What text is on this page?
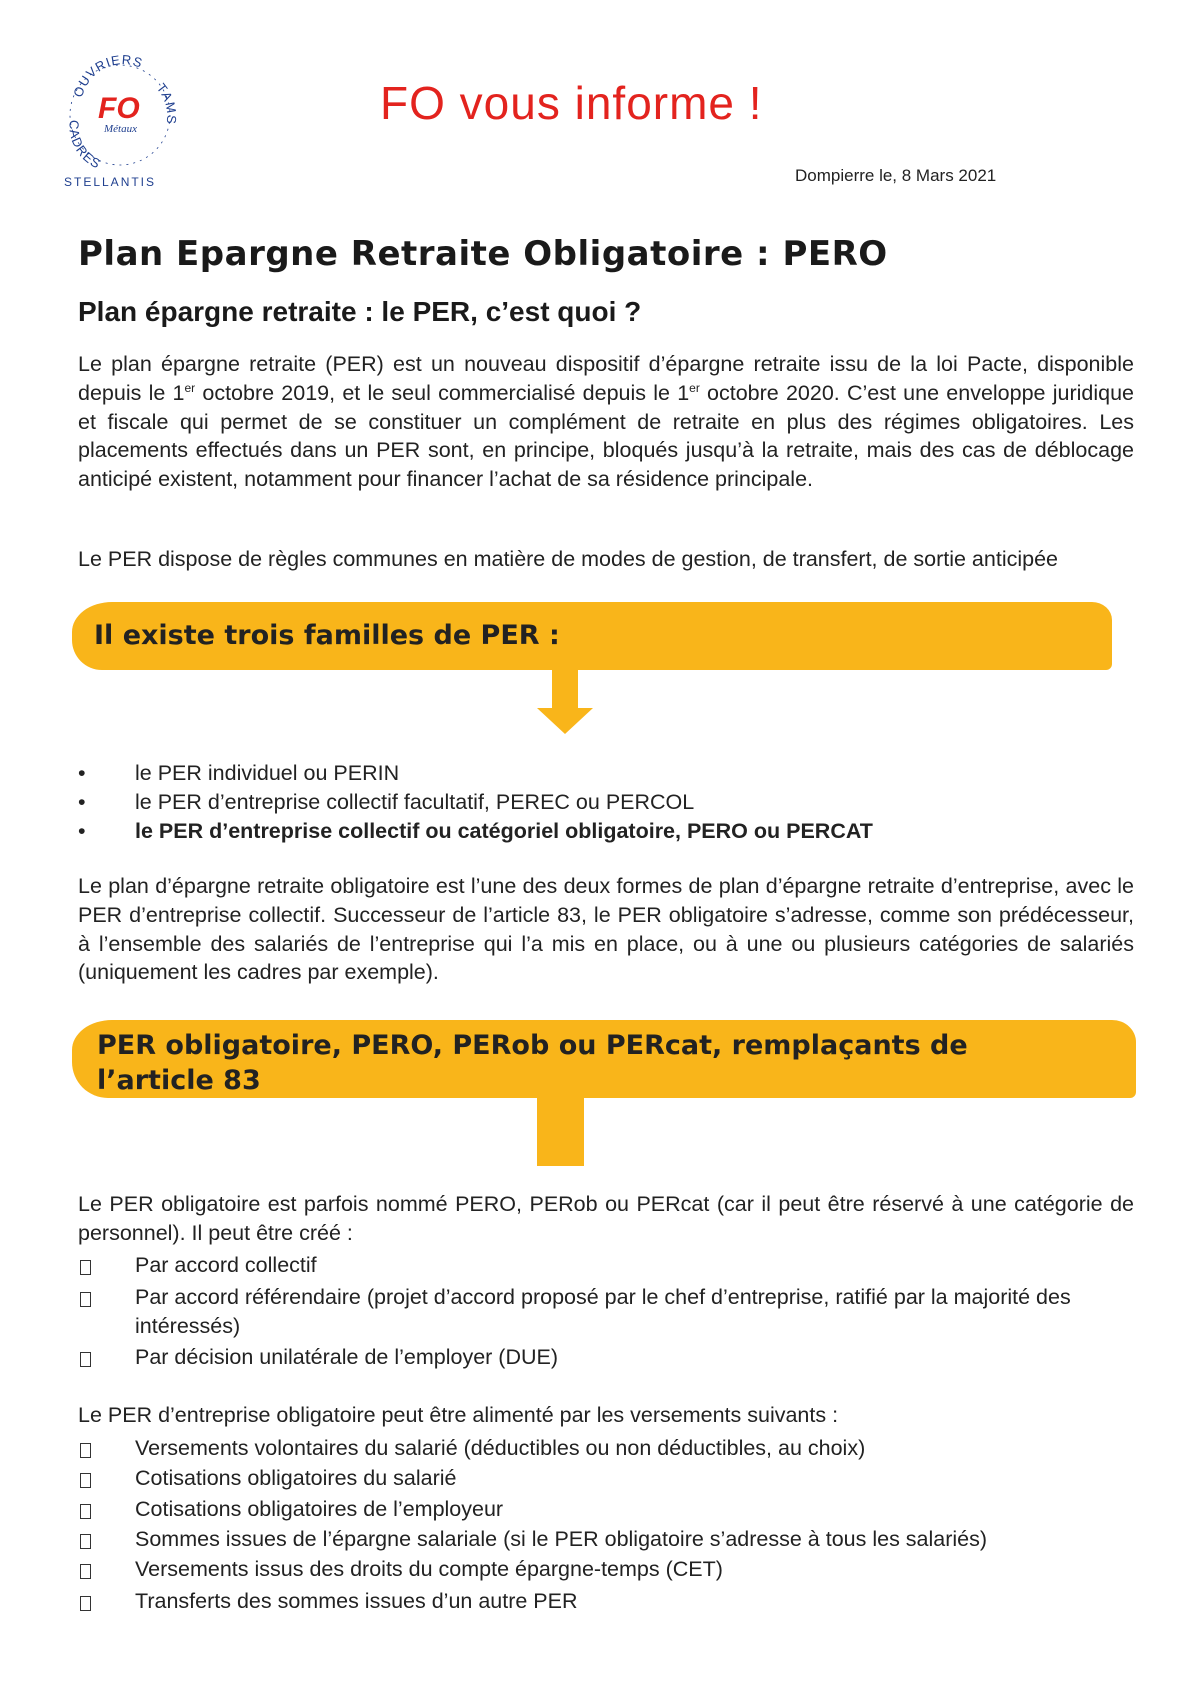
OUVRIERS
TAMS
CADRES
FO
Métaux
STELLANTIS
FO vous informe !
Dompierre le, 8 Mars 2021
Plan Epargne Retraite Obligatoire : PERO
Plan épargne retraite : le PER, c’est quoi ?

Le plan épargne retraite (PER) est un nouveau dispositif d’épargne retraite issu de la loi Pacte, disponible depuis le 1er octobre 2019, et le seul commercialisé depuis le 1er octobre 2020. C’est une enveloppe juridique et fiscale qui permet de se constituer un complément de retraite en plus des régimes obligatoires. Les placements effectués dans un PER sont, en principe, bloqués jusqu’à la retraite, mais des cas de déblocage anticipé existent, notamment pour financer l’achat de sa résidence principale.

Le PER dispose de règles communes en matière de modes de gestion, de transfert, de sortie anticipée

Il existe trois familles de PER :
•	le PER individuel ou PERIN
•	le PER d’entreprise collectif facultatif, PEREC ou PERCOL
•	le PER d’entreprise collectif ou catégoriel obligatoire, PERO ou PERCAT

Le plan d’épargne retraite obligatoire est l’une des deux formes de plan d’épargne retraite d’entreprise, avec le PER d’entreprise collectif. Successeur de l’article 83, le PER obligatoire s’adresse, comme son prédécesseur, à l’ensemble des salariés de l’entreprise qui l’a mis en place, ou à une ou plusieurs catégories de salariés (uniquement les cadres par exemple).

PER obligatoire, PERO, PERob ou PERcat, remplaçants de
l’article 83

Le PER obligatoire est parfois nommé PERO, PERob ou PERcat (car il peut être réservé à une catégorie de personnel). Il peut être créé :

Par accord collectif
Par accord référendaire (projet d’accord proposé par le chef d’entreprise, ratifié par la majorité des intéressés)
Par décision unilatérale de l’employer (DUE)

Le PER d’entreprise obligatoire peut être alimenté par les versements suivants :

Versements volontaires du salarié (déductibles ou non déductibles, au choix)
Cotisations obligatoires du salarié
Cotisations obligatoires de l’employeur
Sommes issues de l’épargne salariale (si le PER obligatoire s’adresse à tous les salariés)
Versements issus des droits du compte épargne-temps (CET)
Transferts des sommes issues d’un autre PER
